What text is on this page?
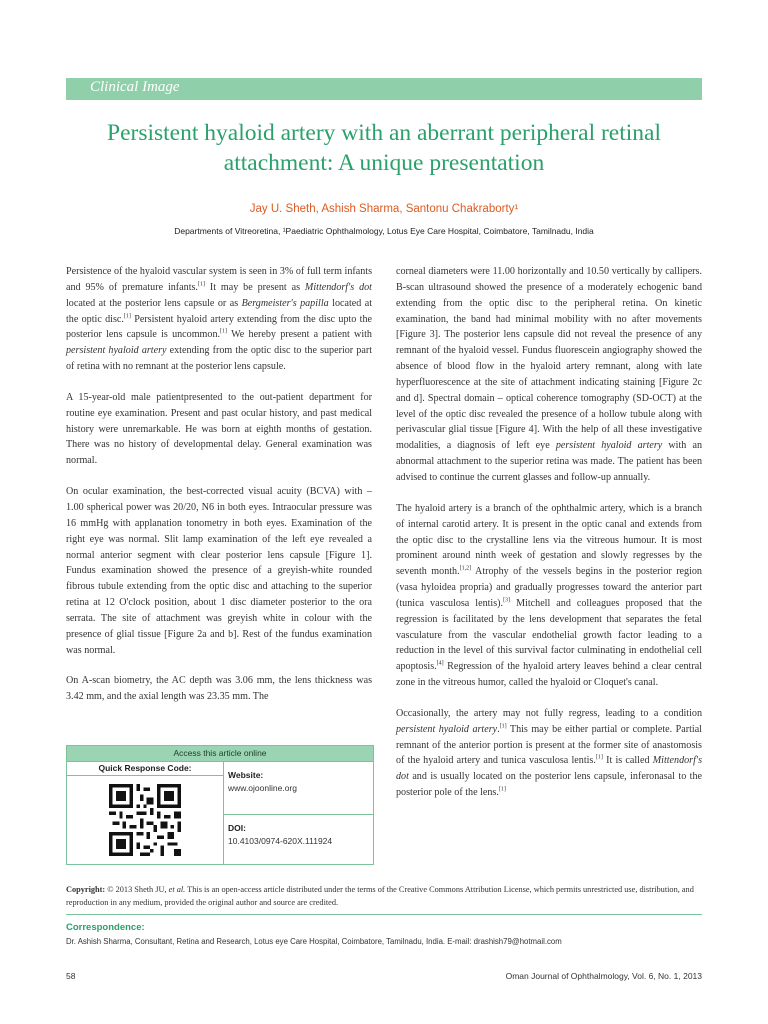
Clinical Image
Persistent hyaloid artery with an aberrant peripheral retinal attachment: A unique presentation
Jay U. Sheth, Ashish Sharma, Santonu Chakraborty¹
Departments of Vitreoretina, ¹Paediatric Ophthalmology, Lotus Eye Care Hospital, Coimbatore, Tamilnadu, India

Persistence of the hyaloid vascular system is seen in 3% of full term infants and 95% of premature infants.[1] It may be present as Mittendorf's dot located at the posterior lens capsule or as Bergmeister's papilla located at the optic disc.[1] Persistent hyaloid artery extending from the disc upto the posterior lens capsule is uncommon.[1] We hereby present a patient with persistent hyaloid artery extending from the optic disc to the superior part of retina with no remnant at the posterior lens capsule.

A 15-year-old male patientpresented to the out-patient department for routine eye examination. Present and past ocular history, and past medical history were unremarkable. He was born at eighth months of gestation. There was no history of developmental delay. General examination was normal.

On ocular examination, the best-corrected visual acuity (BCVA) with – 1.00 spherical power was 20/20, N6 in both eyes. Intraocular pressure was 16 mmHg with applanation tonometry in both eyes. Examination of the right eye was normal. Slit lamp examination of the left eye revealed a normal anterior segment with clear posterior lens capsule [Figure 1]. Fundus examination showed the presence of a greyish-white rounded fibrous tubule extending from the optic disc and attaching to the superior retina at 12 O'clock position, about 1 disc diameter posterior to the ora serrata. The site of attachment was greyish white in colour with the presence of glial tissue [Figure 2a and b]. Rest of the fundus examination was normal.

On A-scan biometry, the AC depth was 3.06 mm, the lens thickness was 3.42 mm, and the axial length was 23.35 mm. The

corneal diameters were 11.00 horizontally and 10.50 vertically by callipers. B-scan ultrasound showed the presence of a moderately echogenic band extending from the optic disc to the peripheral retina. On kinetic examination, the band had minimal mobility with no after movements [Figure 3]. The posterior lens capsule did not reveal the presence of any remnant of the hyaloid vessel. Fundus fluorescein angiography showed the absence of blood flow in the hyaloid artery remnant, along with late hyperfluorescence at the site of attachment indicating staining [Figure 2c and d]. Spectral domain – optical coherence tomography (SD-OCT) at the level of the optic disc revealed the presence of a hollow tubule along with perivascular glial tissue [Figure 4]. With the help of all these investigative modalities, a diagnosis of left eye persistent hyaloid artery with an abnormal attachment to the superior retina was made. The patient has been advised to continue the current glasses and follow-up annually.

The hyaloid artery is a branch of the ophthalmic artery, which is a branch of internal carotid artery. It is present in the optic canal and extends from the optic disc to the crystalline lens via the vitreous humour. It is most prominent around ninth week of gestation and slowly regresses by the seventh month.[1,2] Atrophy of the vessels begins in the posterior region (vasa hyloidea propria) and gradually progresses toward the anterior part (tunica vasculosa lentis).[3] Mitchell and colleagues proposed that the regression is facilitated by the lens development that separates the fetal vasculature from the vascular endothelial growth factor leading to a reduction in the level of this survival factor culminating in endothelial cell apoptosis.[4] Regression of the hyaloid artery leaves behind a clear central zone in the vitreous humor, called the hyaloid or Cloquet's canal.

Occasionally, the artery may not fully regress, leading to a condition persistent hyaloid artery.[1] This may be either partial or complete. Partial remnant of the anterior portion is present at the former site of anastomosis of the hyaloid artery and tunica vasculosa lentis.[1] It is called Mittendorf's dot and is usually located on the posterior lens capsule, inferonasal to the posterior pole of the lens.[1]

Access this article online
Quick Response Code:
Website:
www.ojoonline.org
DOI:
10.4103/0974-620X.111924
Copyright: © 2013 Sheth JU, et al. This is an open-access article distributed under the terms of the Creative Commons Attribution License, which permits unrestricted use, distribution, and reproduction in any medium, provided the original author and source are credited.
Correspondence:
Dr. Ashish Sharma, Consultant, Retina and Research, Lotus eye Care Hospital, Coimbatore, Tamilnadu, India. E-mail: drashish79@hotmail.com
58	Oman Journal of Ophthalmology, Vol. 6, No. 1, 2013
